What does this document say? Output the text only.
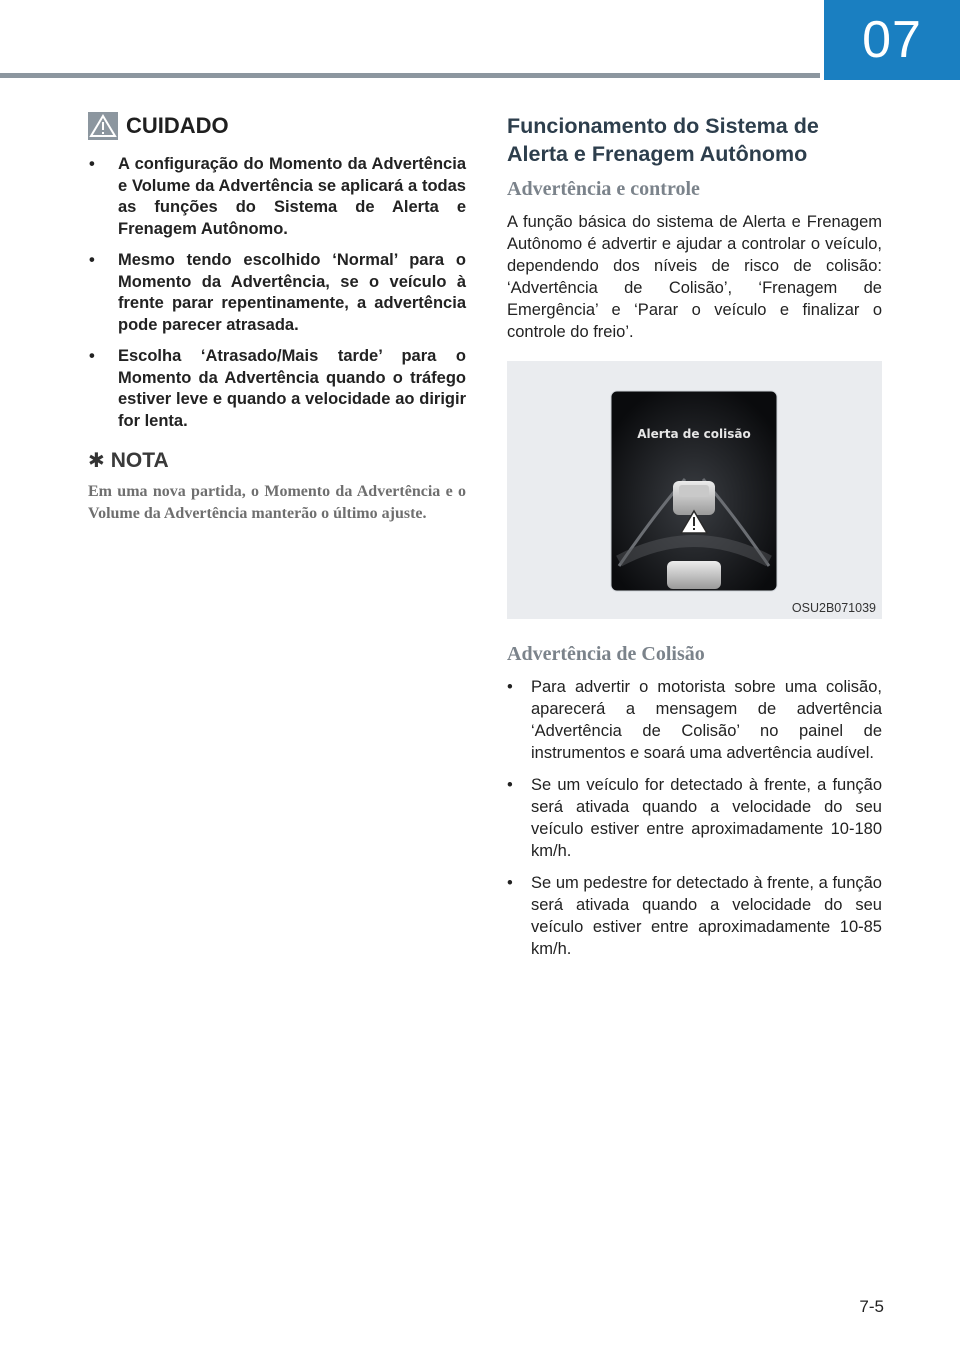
07
CUIDADO
• A configuração do Momento da Advertência e Volume da Advertência se aplicará a todas as funções do Sistema de Alerta e Frenagem Autônomo.
• Mesmo tendo escolhido ‘Normal’ para o Momento da Advertência, se o veículo à frente parar repentinamente, a advertência pode parecer atrasada.
• Escolha ‘Atrasado/Mais tarde’ para o Momento da Advertência quando o tráfego estiver leve e quando a velocidade ao dirigir for lenta.
✱ NOTA

Em uma nova partida, o Momento da Advertência e o Volume da Advertência manterão o último ajuste.

Funcionamento do Sistema de Alerta e Frenagem Autônomo
Advertência e controle

A função básica do sistema de Alerta e Frenagem Autônomo é advertir e ajudar a controlar o veículo, dependendo dos níveis de risco de colisão: ‘Advertência de Colisão’, ‘Frenagem de Emergência’ e ‘Parar o veículo e finalizar o controle do freio’.

Alerta de colisão
OSU2B071039
Advertência de Colisão
• Para advertir o motorista sobre uma colisão, aparecerá a mensagem de advertência ‘Advertência de Colisão’ no painel de instrumentos e soará uma advertência audível.
• Se um veículo for detectado à frente, a função será ativada quando a velocidade do seu veículo estiver entre aproximadamente 10-180 km/h.
• Se um pedestre for detectado à frente, a função será ativada quando a velocidade do seu veículo estiver entre aproximadamente 10-85 km/h.
7-5
